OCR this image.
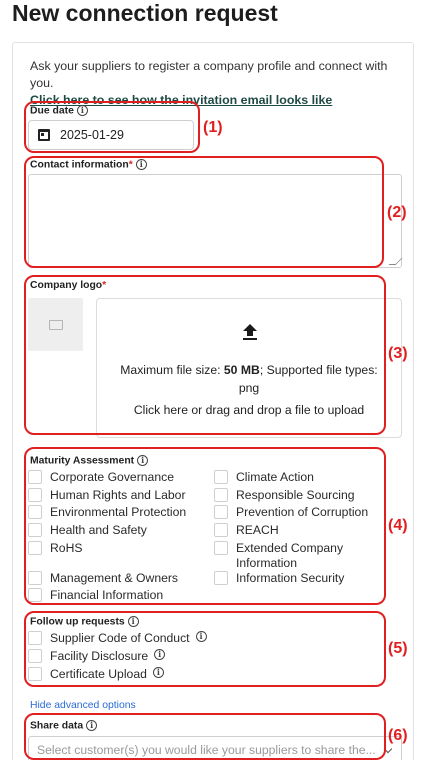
New connection request
Ask your suppliers to register a company profile and connect with you.
Click here to see how the invitation email looks like
Due date i
2025-01-29
Contact information* i
Company logo*
Maximum file size: 50 MB; Supported file types: png
Click here or drag and drop a file to upload
Maturity Assessment i
Corporate Governance
Human Rights and Labor
Environmental Protection
Health and Safety
RoHS
Management & Owners
Financial Information
Climate Action
Responsible Sourcing
Prevention of Corruption
REACH
Extended Company Information
Information Security
Follow up requests i
Supplier Code of Conduct	i
Facility Disclosure	i
Certificate Upload	i
Hide advanced options
Share data i
Select customer(s) you would like your suppliers to share the...
(1)
(2)
(3)
(4)
(5)
(6)
